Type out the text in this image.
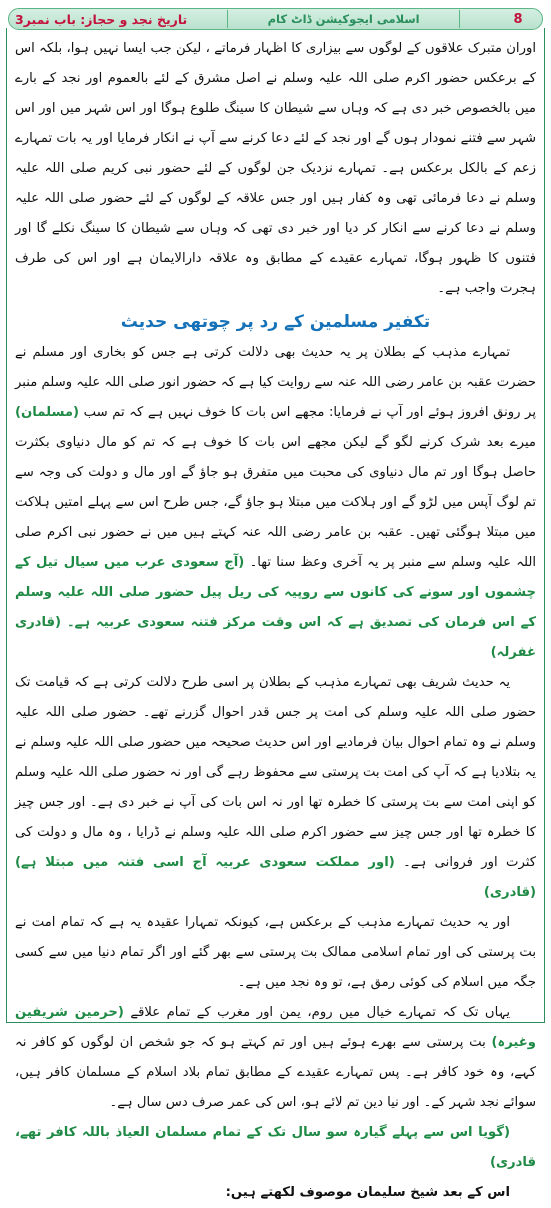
تاریخ نجد و حجاز: باب نمبر3	اسلامی ایجوکیشن ڈاٹ کام	8

اوران متبرک علاقوں کے لوگوں سے بیزاری کا اظہار فرماتے ، لیکن جب ایسا نہیں ہوا، بلکہ اس کے برعکس حضور اکرم صلی اللہ علیہ وسلم نے اصل مشرق کے لئے بالعموم اور نجد کے بارے میں بالخصوص خبر دی ہے کہ وہاں سے شیطان کا سینگ طلوع ہوگا اور اس شہر میں اور اس شہر سے فتنے نمودار ہوں گے اور نجد کے لئے دعا کرنے سے آپ نے انکار فرمایا اور یہ بات تمہارے زعم کے بالکل برعکس ہے۔ تمہارے نزدیک جن لوگوں کے لئے حضور نبی کریم صلی اللہ علیہ وسلم نے دعا فرمائی تھی وہ کفار ہیں اور جس علاقہ کے لوگوں کے لئے حضور صلی اللہ علیہ وسلم نے دعا کرنے سے انکار کر دیا اور خبر دی تھی کہ وہاں سے شیطان کا سینگ نکلے گا اور فتنوں کا ظہور ہوگا، تمہارے عقیدے کے مطابق وہ علاقہ دارالایمان ہے اور اس کی طرف ہجرت واجب ہے۔

تکفیر مسلمین کے رد پر چوتھی حدیث

تمہارے مذہب کے بطلان پر یہ حدیث بھی دلالت کرتی ہے جس کو بخاری اور مسلم نے حضرت عقبہ بن عامر رضی اللہ عنہ سے روایت کیا ہے کہ حضور انور صلی اللہ علیہ وسلم منبر پر رونق افروز ہوئے اور آپ نے فرمایا: مجھے اس بات کا خوف نہیں ہے کہ تم سب (مسلمان) میرے بعد شرک کرنے لگو گے لیکن مجھے اس بات کا خوف ہے کہ تم کو مال دنیاوی بکثرت حاصل ہوگا اور تم مال دنیاوی کی محبت میں متفرق ہو جاؤ گے اور مال و دولت کی وجہ سے تم لوگ آپس میں لڑو گے اور ہلاکت میں مبتلا ہو جاؤ گے، جس طرح اس سے پہلے امتیں ہلاکت میں مبتلا ہوگئی تھیں۔ عقبہ بن عامر رضی اللہ عنہ کہتے ہیں میں نے حضور نبی اکرم صلی اللہ علیہ وسلم سے منبر پر یہ آخری وعظ سنا تھا۔ (آج سعودی عرب میں سیال تیل کے چشموں اور سونے کی کانوں سے روپیہ کی ریل پیل حضور صلی اللہ علیہ وسلم کے اس فرمان کی تصدیق ہے کہ اس وقت مرکز فتنہ سعودی عربیہ ہے۔ (قادری غفرلہ)

یہ حدیث شریف بھی تمہارے مذہب کے بطلان پر اسی طرح دلالت کرتی ہے کہ قیامت تک حضور صلی اللہ علیہ وسلم کی امت پر جس قدر احوال گزرنے تھے۔ حضور صلی اللہ علیہ وسلم نے وہ تمام احوال بیان فرمادیے اور اس حدیث صحیحہ میں حضور صلی اللہ علیہ وسلم نے یہ بتلادیا ہے کہ آپ کی امت بت پرستی سے محفوظ رہے گی اور نہ حضور صلی اللہ علیہ وسلم کو اپنی امت سے بت پرستی کا خطرہ تھا اور نہ اس بات کی آپ نے خبر دی ہے۔ اور جس چیز کا خطرہ تھا اور جس چیز سے حضور اکرم صلی اللہ علیہ وسلم نے ڈرایا ، وہ مال و دولت کی کثرت اور فروانی ہے۔ (اور مملکت سعودی عربیہ آج اسی فتنہ میں مبتلا ہے) (قادری)

اور یہ حدیث تمہارے مذہب کے برعکس ہے، کیونکہ تمہارا عقیدہ یہ ہے کہ تمام امت نے بت پرستی کی اور تمام اسلامی ممالک بت پرستی سے بھر گئے اور اگر تمام دنیا میں سے کسی جگہ میں اسلام کی کوئی رمق ہے، تو وہ نجد میں ہے۔

یہاں تک کہ تمہارے خیال میں روم، یمن اور مغرب کے تمام علاقے (حرمین شریفین وغیرہ) بت پرستی سے بھرے ہوئے ہیں اور تم کہتے ہو کہ جو شخص ان لوگوں کو کافر نہ کہے، وہ خود کافر ہے۔ پس تمہارے عقیدے کے مطابق تمام بلاد اسلام کے مسلمان کافر ہیں، سوائے نجد شہر کے۔ اور نیا دین تم لائے ہو، اس کی عمر صرف دس سال ہے۔

(گویا اس سے پہلے گیارہ سو سال تک کے تمام مسلمان العیاذ باللہ کافر تھے، قادری)

اس کے بعد شیخ سلیمان موصوف لکھتے ہیں:
